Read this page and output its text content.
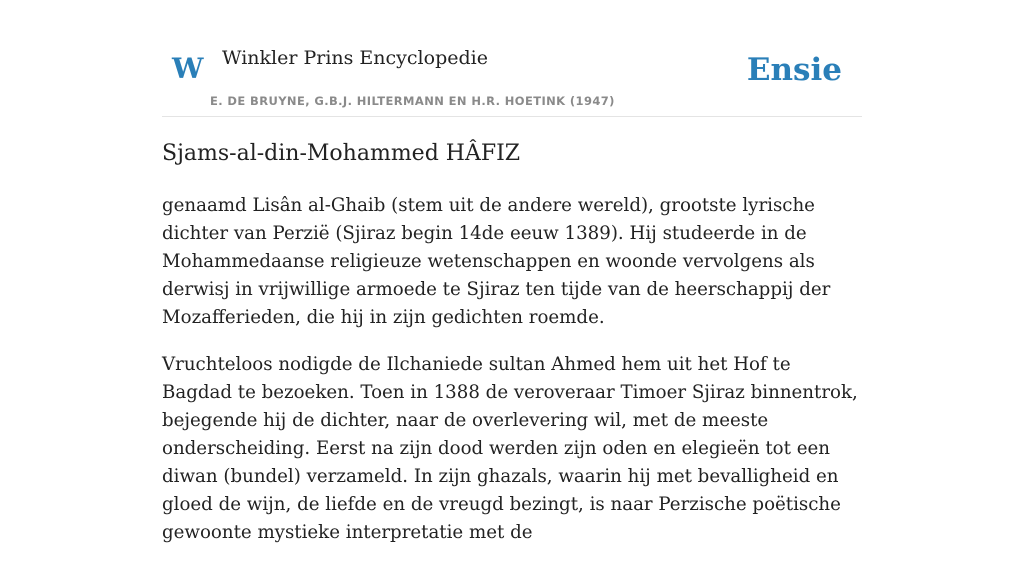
W Winkler Prins Encyclopedie
E. DE BRUYNE, G.B.J. HILTERMANN EN H.R. HOETINK (1947)
Ensie
Sjams-al-din-Mohammed HÂFIZ

genaamd Lisân al-Ghaib (stem uit de andere wereld), grootste lyrische dichter van Perzië (Sjiraz begin 14de eeuw 1389). Hij studeerde in de Mohammedaanse religieuze wetenschappen en woonde vervolgens als derwisj in vrijwillige armoede te Sjiraz ten tijde van de heerschappij der Mozafferieden, die hij in zijn gedichten roemde.

Vruchteloos nodigde de Ilchaniede sultan Ahmed hem uit het Hof te Bagdad te bezoeken. Toen in 1388 de veroveraar Timoer Sjiraz binnentrok, bejegende hij de dichter, naar de overlevering wil, met de meeste onderscheiding. Eerst na zijn dood werden zijn oden en elegieën tot een diwan (bundel) verzameld. In zijn ghazals, waarin hij met bevalligheid en gloed de wijn, de liefde en de vreugd bezingt, is naar Perzische poëtische gewoonte mystieke interpretatie met de
